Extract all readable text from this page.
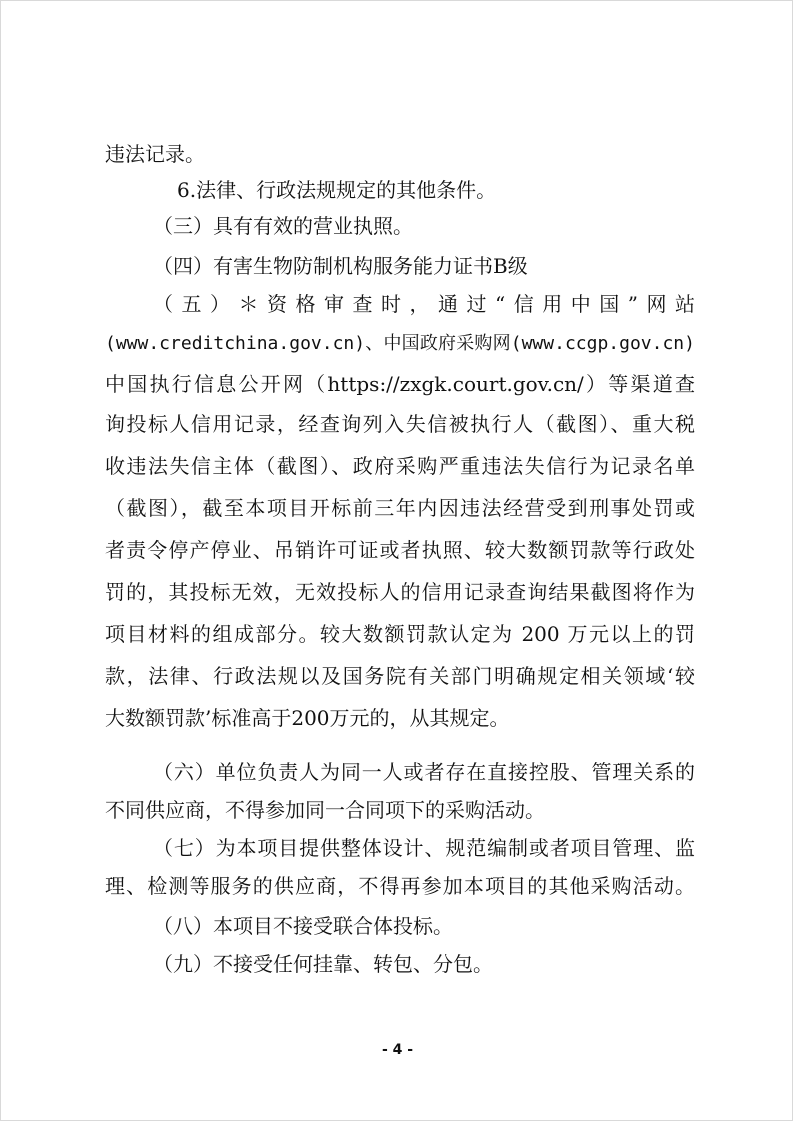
违法记录。
6.法律、行政法规规定的其他条件。
（三）具有有效的营业执照。
（四）有害生物防制机构服务能力证书B级
（五）＊资格审查时，通过“信用中国”网站
(www.creditchina.gov.cn)、中国政府采购网(www.ccgp.gov.cn)
中国执行信息公开网（https://zxgk.court.gov.cn/）等渠道查
询投标人信用记录，经查询列入失信被执行人（截图）、重大税
收违法失信主体（截图）、政府采购严重违法失信行为记录名单
（截图），截至本项目开标前三年内因违法经营受到刑事处罚或
者责令停产停业、吊销许可证或者执照、较大数额罚款等行政处
罚的，其投标无效，无效投标人的信用记录查询结果截图将作为
项目材料的组成部分。较大数额罚款认定为 200 万元以上的罚
款，法律、行政法规以及国务院有关部门明确规定相关领域‘较
大数额罚款’标准高于200万元的，从其规定。
（六）单位负责人为同一人或者存在直接控股、管理关系的
不同供应商，不得参加同一合同项下的采购活动。
（七）为本项目提供整体设计、规范编制或者项目管理、监
理、检测等服务的供应商，不得再参加本项目的其他采购活动。
（八）本项目不接受联合体投标。
（九）不接受任何挂靠、转包、分包。
- 4 -
